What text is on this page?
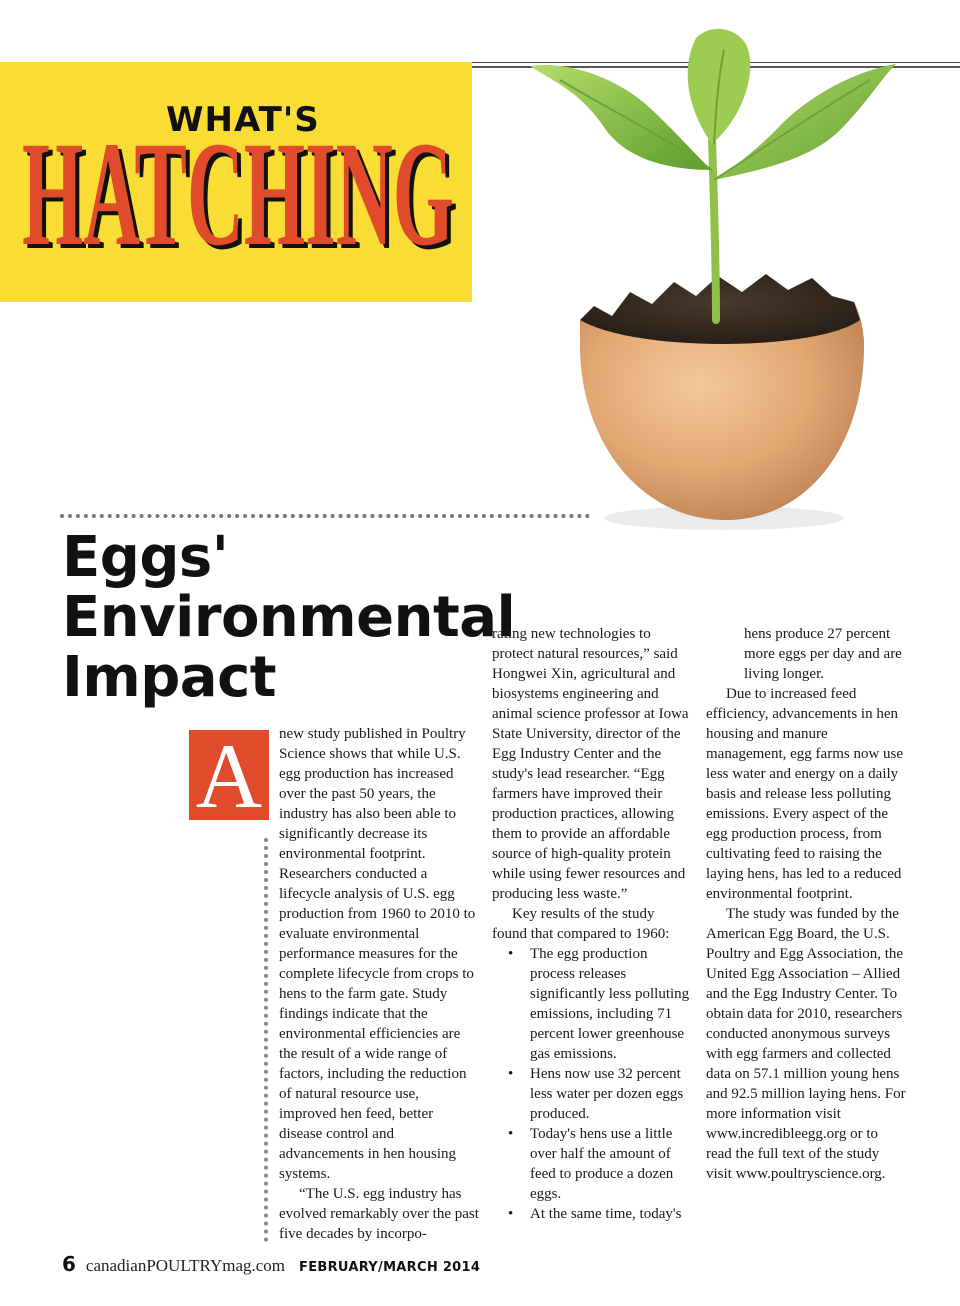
WHAT'S
HATCHING
HATCHING
Eggs'
Environmental
Impact
A	new study published in Poultry Science shows that while U.S. egg production has increased over the past 50 years, the industry has also been able to significantly decrease its environmental footprint. Researchers conducted a lifecycle analysis of U.S. egg production from 1960 to 2010 to evaluate environmental performance measures for the complete lifecycle from crops to hens to the farm gate. Study findings indicate that the environmental efficiencies are the result of a wide range of factors, including the reduction of natural resource use, improved hen feed, better disease control and advancements in hen housing systems.

“The U.S. egg industry has evolved remarkably over the past five decades by incorpo-

rating new technologies to protect natural resources,” said Hongwei Xin, agricultural and biosystems engineering and animal science professor at Iowa State University, director of the Egg Industry Center and the study's lead researcher. “Egg farmers have improved their production practices, allowing them to provide an affordable source of high-quality protein while using fewer resources and producing less waste.”

Key results of the study found that compared to 1960:

• The egg production process releases significantly less polluting emissions, including 71 percent lower greenhouse gas emissions.
• Hens now use 32 percent less water per dozen eggs produced.
• Today's hens use a little over half the amount of feed to produce a dozen eggs.
• At the same time, today's

hens produce 27 percent more eggs per day and are living longer.

Due to increased feed efficiency, advancements in hen housing and manure management, egg farms now use less water and energy on a daily basis and release less polluting emissions. Every aspect of the egg production process, from cultivating feed to raising the laying hens, has led to a reduced environmental footprint.

The study was funded by the American Egg Board, the U.S. Poultry and Egg Association, the United Egg Association – Allied and the Egg Industry Center. To obtain data for 2010, researchers conducted anonymous surveys with egg farmers and collected data on 57.1 million young hens and 92.5 million laying hens. For more information visit www.incredibleegg.org or to read the full text of the study visit www.poultryscience.org.

6 canadianPOULTRYmag.com FEBRUARY/MARCH 2014
